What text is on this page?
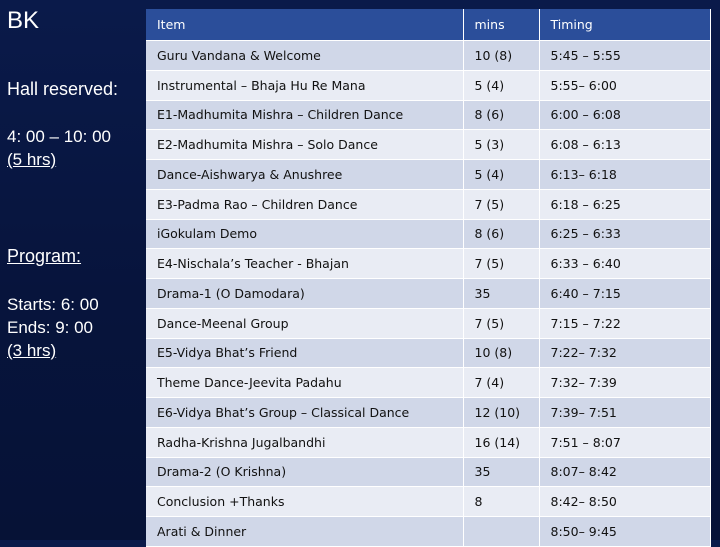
BK
Hall reserved:
4: 00 – 10: 00
(5 hrs)
Program:
Starts: 6: 00
Ends: 9: 00
(3 hrs)
Item	mins	Timing
Guru Vandana & Welcome	10 (8)	5:45 – 5:55
Instrumental – Bhaja Hu Re Mana	5 (4)	5:55– 6:00
E1-Madhumita Mishra – Children Dance	8 (6)	6:00 – 6:08
E2-Madhumita Mishra – Solo Dance	5 (3)	6:08 – 6:13
Dance-Aishwarya & Anushree	5 (4)	6:13– 6:18
E3-Padma Rao – Children Dance	7 (5)	6:18 – 6:25
iGokulam Demo	8 (6)	6:25 – 6:33
E4-Nischala’s Teacher - Bhajan	7 (5)	6:33 – 6:40
Drama-1 (O Damodara)	35	6:40 – 7:15
Dance-Meenal Group	7 (5)	7:15 – 7:22
E5-Vidya Bhat’s Friend	10 (8)	7:22– 7:32
Theme Dance-Jeevita Padahu	7 (4)	7:32– 7:39
E6-Vidya Bhat’s Group – Classical Dance	12 (10)	7:39– 7:51
Radha-Krishna Jugalbandhi	16 (14)	7:51 – 8:07
Drama-2 (O Krishna)	35	8:07– 8:42
Conclusion +Thanks	8	8:42– 8:50
Arati & Dinner		8:50– 9:45
